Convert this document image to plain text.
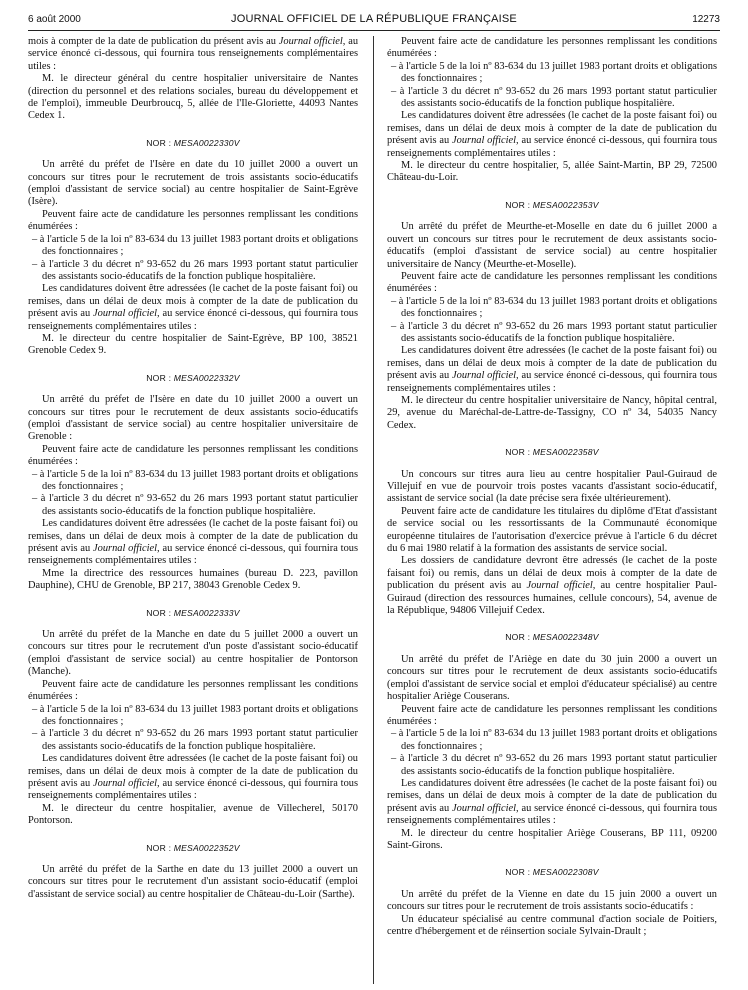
6 août 2000	JOURNAL OFFICIEL DE LA RÉPUBLIQUE FRANÇAISE	12273

mois à compter de la date de publication du présent avis au Journal officiel, au service énoncé ci-dessous, qui fournira tous renseignements complémentaires utiles :

M. le directeur général du centre hospitalier universitaire de Nantes (direction du personnel et des relations sociales, bureau du développement et de l'emploi), immeuble Deurbroucq, 5, allée de l'Ile-Gloriette, 44093 Nantes Cedex 1.

NOR : MESA0022330V

Un arrêté du préfet de l'Isère en date du 10 juillet 2000 a ouvert un concours sur titres pour le recrutement de trois assistants socio-éducatifs (emploi d'assistant de service social) au centre hospitalier de Saint-Egrève (Isère).

Peuvent faire acte de candidature les personnes remplissant les conditions énumérées :

– à l'article 5 de la loi nº 83-634 du 13 juillet 1983 portant droits et obligations des fonctionnaires ;
– à l'article 3 du décret nº 93-652 du 26 mars 1993 portant statut particulier des assistants socio-éducatifs de la fonction publique hospitalière.

Les candidatures doivent être adressées (le cachet de la poste faisant foi) ou remises, dans un délai de deux mois à compter de la date de publication du présent avis au Journal officiel, au service énoncé ci-dessous, qui fournira tous renseignements complémentaires utiles :

M. le directeur du centre hospitalier de Saint-Egrève, BP 100, 38521 Grenoble Cedex 9.

NOR : MESA0022332V

Un arrêté du préfet de l'Isère en date du 10 juillet 2000 a ouvert un concours sur titres pour le recrutement de deux assistants socio-éducatifs (emploi d'assistant de service social) au centre hospitalier universitaire de Grenoble :

Peuvent faire acte de candidature les personnes remplissant les conditions énumérées :

– à l'article 5 de la loi nº 83-634 du 13 juillet 1983 portant droits et obligations des fonctionnaires ;
– à l'article 3 du décret nº 93-652 du 26 mars 1993 portant statut particulier des assistants socio-éducatifs de la fonction publique hospitalière.

Les candidatures doivent être adressées (le cachet de la poste faisant foi) ou remises, dans un délai de deux mois à compter de la date de publication du présent avis au Journal officiel, au service énoncé ci-dessous, qui fournira tous renseignements complémentaires utiles :

Mme la directrice des ressources humaines (bureau D. 223, pavillon Dauphine), CHU de Grenoble, BP 217, 38043 Grenoble Cedex 9.

NOR : MESA0022333V

Un arrêté du préfet de la Manche en date du 5 juillet 2000 a ouvert un concours sur titres pour le recrutement d'un poste d'assistant socio-éducatif (emploi d'assistant de service social) au centre hospitalier de Pontorson (Manche).

Peuvent faire acte de candidature les personnes remplissant les conditions énumérées :

– à l'article 5 de la loi nº 83-634 du 13 juillet 1983 portant droits et obligations des fonctionnaires ;
– à l'article 3 du décret nº 93-652 du 26 mars 1993 portant statut particulier des assistants socio-éducatifs de la fonction publique hospitalière.

Les candidatures doivent être adressées (le cachet de la poste faisant foi) ou remises, dans un délai de deux mois à compter de la date de publication du présent avis au Journal officiel, au service énoncé ci-dessous, qui fournira tous renseignements complémentaires utiles :

M. le directeur du centre hospitalier, avenue de Villecherel, 50170 Pontorson.

NOR : MESA0022352V

Un arrêté du préfet de la Sarthe en date du 13 juillet 2000 a ouvert un concours sur titres pour le recrutement d'un assistant socio-éducatif (emploi d'assistant de service social) au centre hospitalier de Château-du-Loir (Sarthe).

Peuvent faire acte de candidature les personnes remplissant les conditions énumérées :

– à l'article 5 de la loi nº 83-634 du 13 juillet 1983 portant droits et obligations des fonctionnaires ;
– à l'article 3 du décret nº 93-652 du 26 mars 1993 portant statut particulier des assistants socio-éducatifs de la fonction publique hospitalière.

Les candidatures doivent être adressées (le cachet de la poste faisant foi) ou remises, dans un délai de deux mois à compter de la date de publication du présent avis au Journal officiel, au service énoncé ci-dessous, qui fournira tous renseignements complémentaires utiles :

M. le directeur du centre hospitalier, 5, allée Saint-Martin, BP 29, 72500 Château-du-Loir.

NOR : MESA0022353V

Un arrêté du préfet de Meurthe-et-Moselle en date du 6 juillet 2000 a ouvert un concours sur titres pour le recrutement de deux assistants socio-éducatifs (emploi d'assistant de service social) au centre hospitalier universitaire de Nancy (Meurthe-et-Moselle).

Peuvent faire acte de candidature les personnes remplissant les conditions énumérées :

– à l'article 5 de la loi nº 83-634 du 13 juillet 1983 portant droits et obligations des fonctionnaires ;
– à l'article 3 du décret nº 93-652 du 26 mars 1993 portant statut particulier des assistants socio-éducatifs de la fonction publique hospitalière.

Les candidatures doivent être adressées (le cachet de la poste faisant foi) ou remises, dans un délai de deux mois à compter de la date de publication du présent avis au Journal officiel, au service énoncé ci-dessous, qui fournira tous renseignements complémentaires utiles :

M. le directeur du centre hospitalier universitaire de Nancy, hôpital central, 29, avenue du Maréchal-de-Lattre-de-Tassigny, CO nº 34, 54035 Nancy Cedex.

NOR : MESA0022358V

Un concours sur titres aura lieu au centre hospitalier Paul-Guiraud de Villejuif en vue de pourvoir trois postes vacants d'assistant socio-éducatif, assistant de service social (la date précise sera fixée ultérieurement).

Peuvent faire acte de candidature les titulaires du diplôme d'Etat d'assistant de service social ou les ressortissants de la Communauté économique européenne titulaires de l'autorisation d'exercice prévue à l'article 6 du décret du 6 mai 1980 relatif à la formation des assistants de service social.

Les dossiers de candidature devront être adressés (le cachet de la poste faisant foi) ou remis, dans un délai de deux mois à compter de la date de publication du présent avis au Journal officiel, au centre hospitalier Paul-Guiraud (direction des ressources humaines, cellule concours), 54, avenue de la République, 94806 Villejuif Cedex.

NOR : MESA0022348V

Un arrêté du préfet de l'Ariège en date du 30 juin 2000 a ouvert un concours sur titres pour le recrutement de deux assistants socio-éducatifs (emploi d'assistant de service social et emploi d'éducateur spécialisé) au centre hospitalier Ariège Couserans.

Peuvent faire acte de candidature les personnes remplissant les conditions énumérées :

– à l'article 5 de la loi nº 83-634 du 13 juillet 1983 portant droits et obligations des fonctionnaires ;
– à l'article 3 du décret nº 93-652 du 26 mars 1993 portant statut particulier des assistants socio-éducatifs de la fonction publique hospitalière.

Les candidatures doivent être adressées (le cachet de la poste faisant foi) ou remises, dans un délai de deux mois à compter de la date de publication du présent avis au Journal officiel, au service énoncé ci-dessous, qui fournira tous renseignements complémentaires utiles :

M. le directeur du centre hospitalier Ariège Couserans, BP 111, 09200 Saint-Girons.

NOR : MESA0022308V

Un arrêté du préfet de la Vienne en date du 15 juin 2000 a ouvert un concours sur titres pour le recrutement de trois assistants socio-éducatifs :

Un éducateur spécialisé au centre communal d'action sociale de Poitiers, centre d'hébergement et de réinsertion sociale Sylvain-Drault ;
